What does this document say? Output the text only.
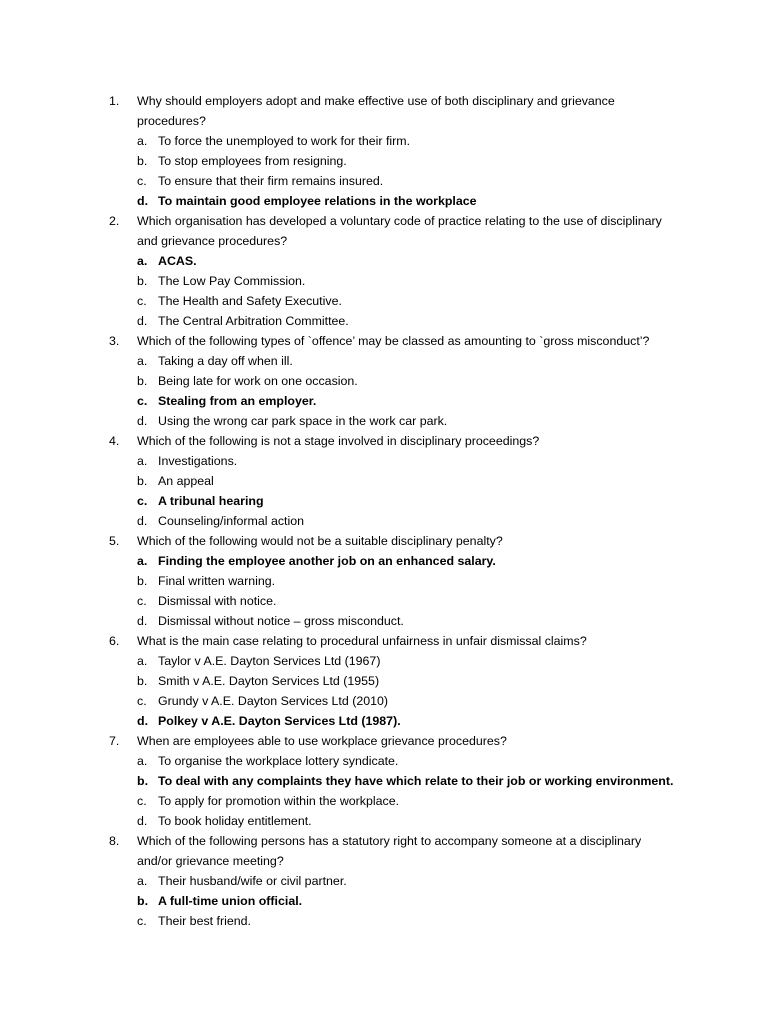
1. Why should employers adopt and make effective use of both disciplinary and grievance
procedures?
a. To force the unemployed to work for their firm.
b. To stop employees from resigning.
c. To ensure that their firm remains insured.
d. To maintain good employee relations in the workplace
2. Which organisation has developed a voluntary code of practice relating to the use of disciplinary
and grievance procedures?
a. ACAS.
b. The Low Pay Commission.
c. The Health and Safety Executive.
d. The Central Arbitration Committee.
3. Which of the following types of `offence’ may be classed as amounting to `gross misconduct’?
a. Taking a day off when ill.
b. Being late for work on one occasion.
c. Stealing from an employer.
d. Using the wrong car park space in the work car park.
4. Which of the following is not a stage involved in disciplinary proceedings?
a. Investigations.
b. An appeal
c. A tribunal hearing
d. Counseling/informal action
5. Which of the following would not be a suitable disciplinary penalty?
a. Finding the employee another job on an enhanced salary.
b. Final written warning.
c. Dismissal with notice.
d. Dismissal without notice – gross misconduct.
6. What is the main case relating to procedural unfairness in unfair dismissal claims?
a. Taylor v A.E. Dayton Services Ltd (1967)
b. Smith v A.E. Dayton Services Ltd (1955)
c. Grundy v A.E. Dayton Services Ltd (2010)
d. Polkey v A.E. Dayton Services Ltd (1987).
7. When are employees able to use workplace grievance procedures?
a. To organise the workplace lottery syndicate.
b. To deal with any complaints they have which relate to their job or working environment.
c. To apply for promotion within the workplace.
d. To book holiday entitlement.
8. Which of the following persons has a statutory right to accompany someone at a disciplinary
and/or grievance meeting?
a. Their husband/wife or civil partner.
b. A full-time union official.
c. Their best friend.
